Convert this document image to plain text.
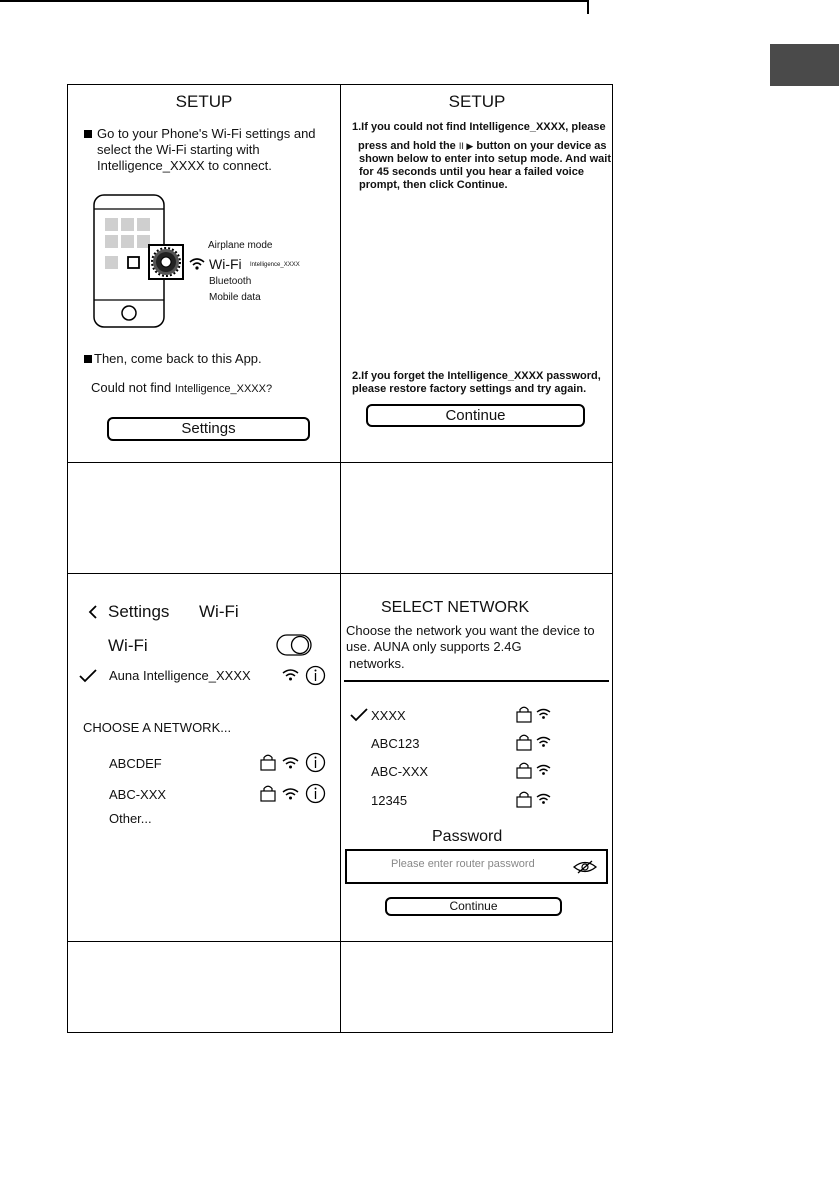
SETUP
Go to your Phone's Wi-Fi settings and select the Wi-Fi starting with Intelligence_XXXX to connect.
Airplane mode
Wi-Fi Intelligence_XXXX
Bluetooth
Mobile data
Then, come back to this App.
Could not find Intelligence_XXXX?
Settings
SETUP
1.If you could not find Intelligence_XXXX, please
press and hold the II ▶ button on your device as
shown below to enter into setup mode. And wait
for 45 seconds until you hear a failed voice
prompt, then click Continue.
2.If you forget the Intelligence_XXXX password,
please restore factory settings and try again.
Continue
Settings Wi-Fi
Wi-Fi
Auna Intelligence_XXXX
CHOOSE A NETWORK...
ABCDEF
ABC-XXX
Other...
SELECT NETWORK
Choose the network you want the device to
use. AUNA only supports 2.4G
networks.
XXXX
ABC123
ABC-XXX
12345
Password
Please enter router password
Continue
